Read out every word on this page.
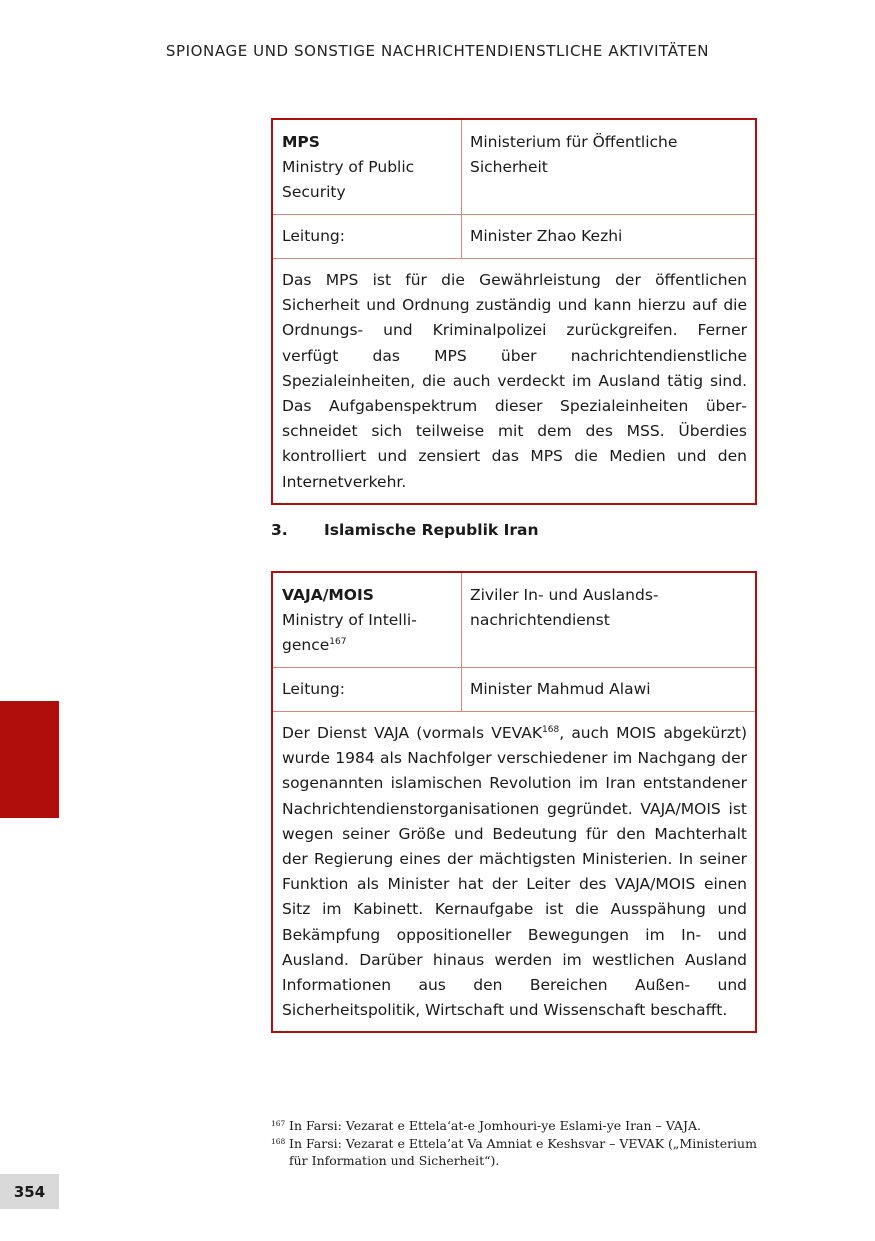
SPIONAGE UND SONSTIGE NACHRICHTENDIENSTLICHE AKTIVITÄTEN
MPS
Ministry of Public Security
Ministerium für Öffentliche Sicherheit
Leitung:	Minister Zhao Kezhi
Das MPS ist für die Gewährleistung der öffentlichen Sicherheit und Ordnung zuständig und kann hierzu auf die Ordnungs- und Kriminalpolizei zurückgreifen. Ferner verfügt das MPS über nachrichtendienstliche Spezialeinheiten, die auch verdeckt im Ausland tätig sind. Das Aufgabenspektrum dieser Spezialeinheiten überschneidet sich teilweise mit dem des MSS. Überdies kontrolliert und zensiert das MPS die Medien und den Internetverkehr.
3. Islamische Republik Iran
VAJA/MOIS
Ministry of Intelligence$^{167}$
Ziviler In- und Auslandsnachrichtendienst
Leitung:	Minister Mahmud Alawi
Der Dienst VAJA (vormals VEVAK$^{168}$, auch MOIS abgekürzt) wurde 1984 als Nachfolger verschiedener im Nachgang der sogenannten islamischen Revolution im Iran entstandener Nachrichtendienstorganisationen gegründet. VAJA/MOIS ist wegen seiner Größe und Bedeutung für den Machterhalt der Regierung eines der mächtigsten Ministerien. In seiner Funktion als Minister hat der Leiter des VAJA/MOIS einen Sitz im Kabinett. Kernaufgabe ist die Ausspähung und Bekämpfung oppositioneller Bewegungen im In- und Ausland. Darüber hinaus werden im westlichen Ausland Informationen aus den Bereichen Außen- und Sicherheitspolitik, Wirtschaft und Wissenschaft beschafft.
167 In Farsi: Vezarat e Ettela‘at-e Jomhouri-ye Eslami-ye Iran – VAJA.
168 In Farsi: Vezarat e Ettela’at Va Amniat e Keshsvar – VEVAK („Ministerium für Information und Sicherheit“).
354
